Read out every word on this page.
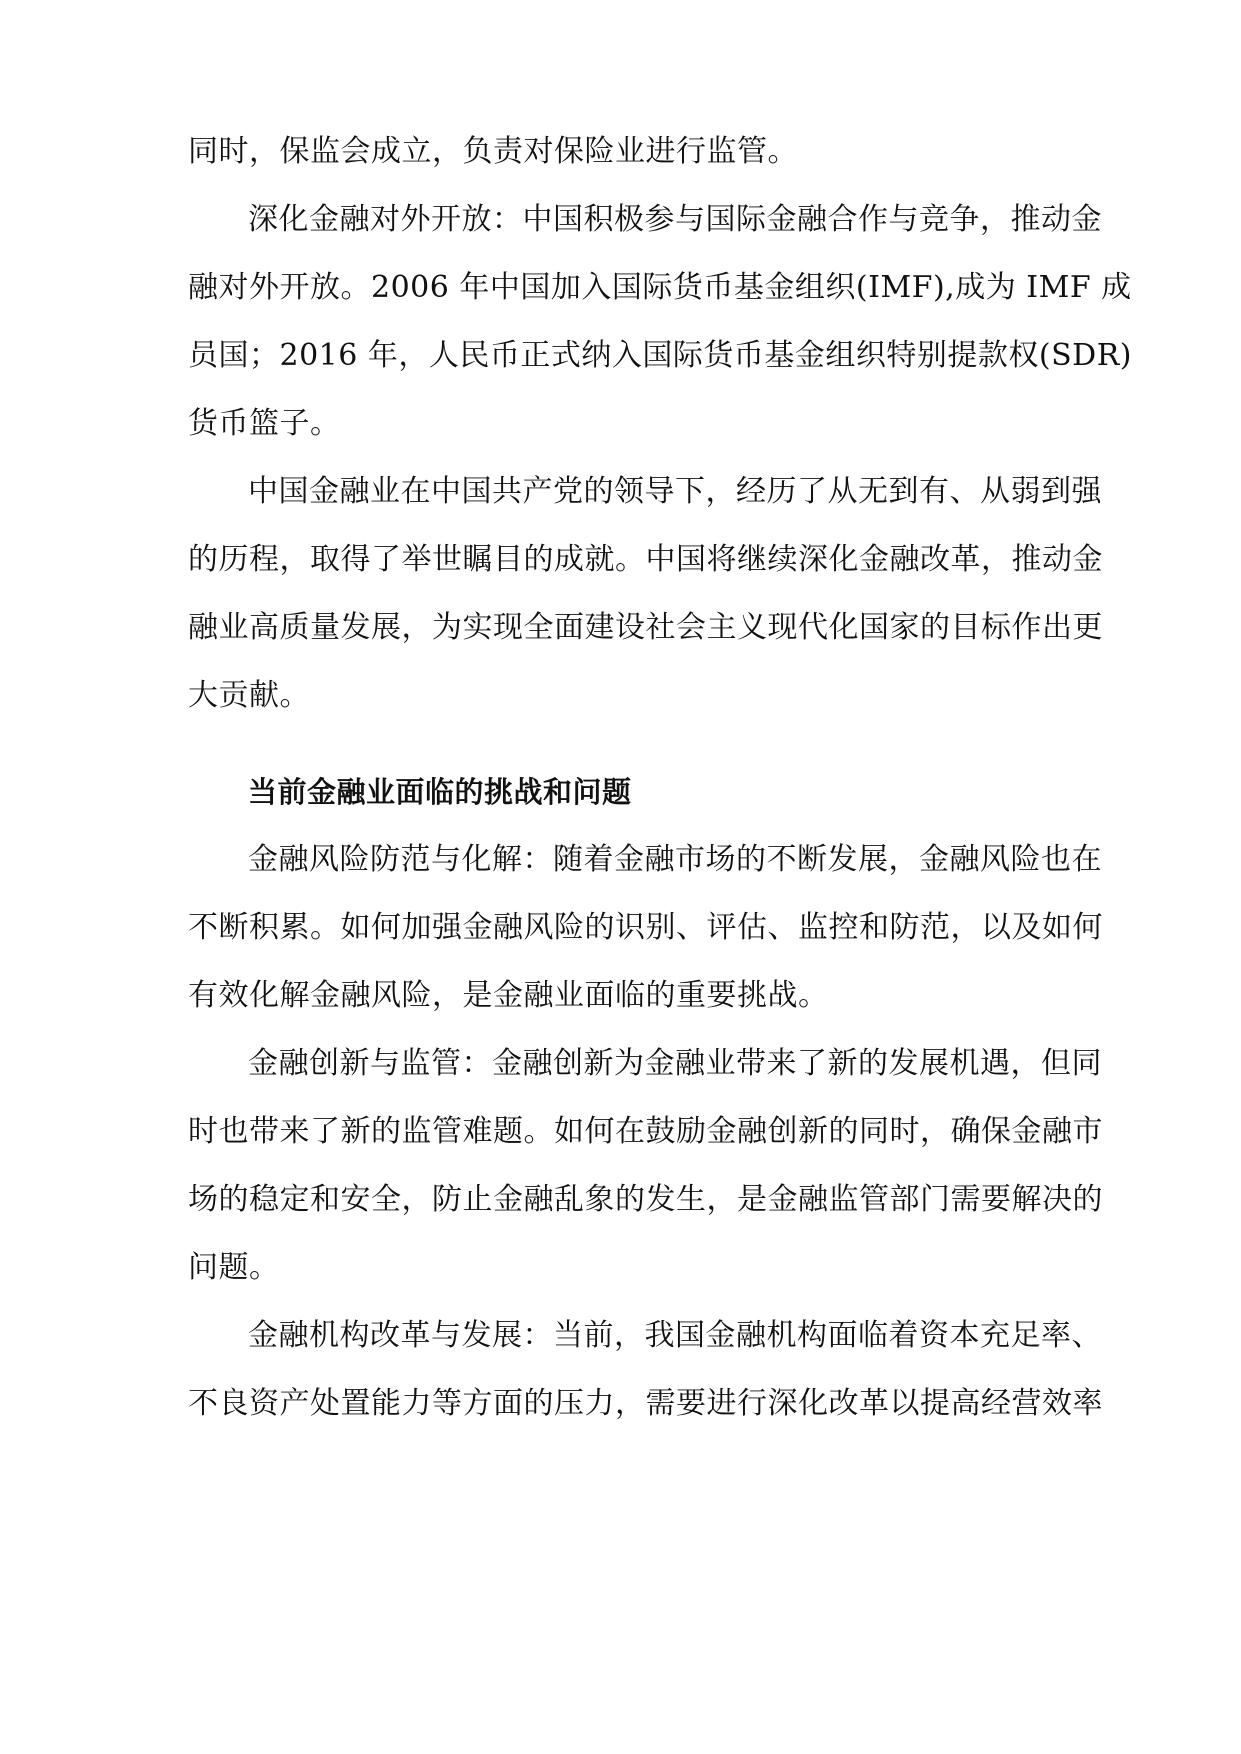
同时，保监会成立，负责对保险业进行监管。
深化金融对外开放：中国积极参与国际金融合作与竞争，推动金
融对外开放。2006 年中国加入国际货币基金组织(IMF),成为 IMF 成
员国；2016 年，人民币正式纳入国际货币基金组织特别提款权(SDR)
货币篮子。
中国金融业在中国共产党的领导下，经历了从无到有、从弱到强
的历程，取得了举世瞩目的成就。中国将继续深化金融改革，推动金
融业高质量发展，为实现全面建设社会主义现代化国家的目标作出更
大贡献。
当前金融业面临的挑战和问题
金融风险防范与化解：随着金融市场的不断发展，金融风险也在
不断积累。如何加强金融风险的识别、评估、监控和防范，以及如何
有效化解金融风险，是金融业面临的重要挑战。
金融创新与监管：金融创新为金融业带来了新的发展机遇，但同
时也带来了新的监管难题。如何在鼓励金融创新的同时，确保金融市
场的稳定和安全，防止金融乱象的发生，是金融监管部门需要解决的
问题。
金融机构改革与发展：当前，我国金融机构面临着资本充足率、
不良资产处置能力等方面的压力，需要进行深化改革以提高经营效率
